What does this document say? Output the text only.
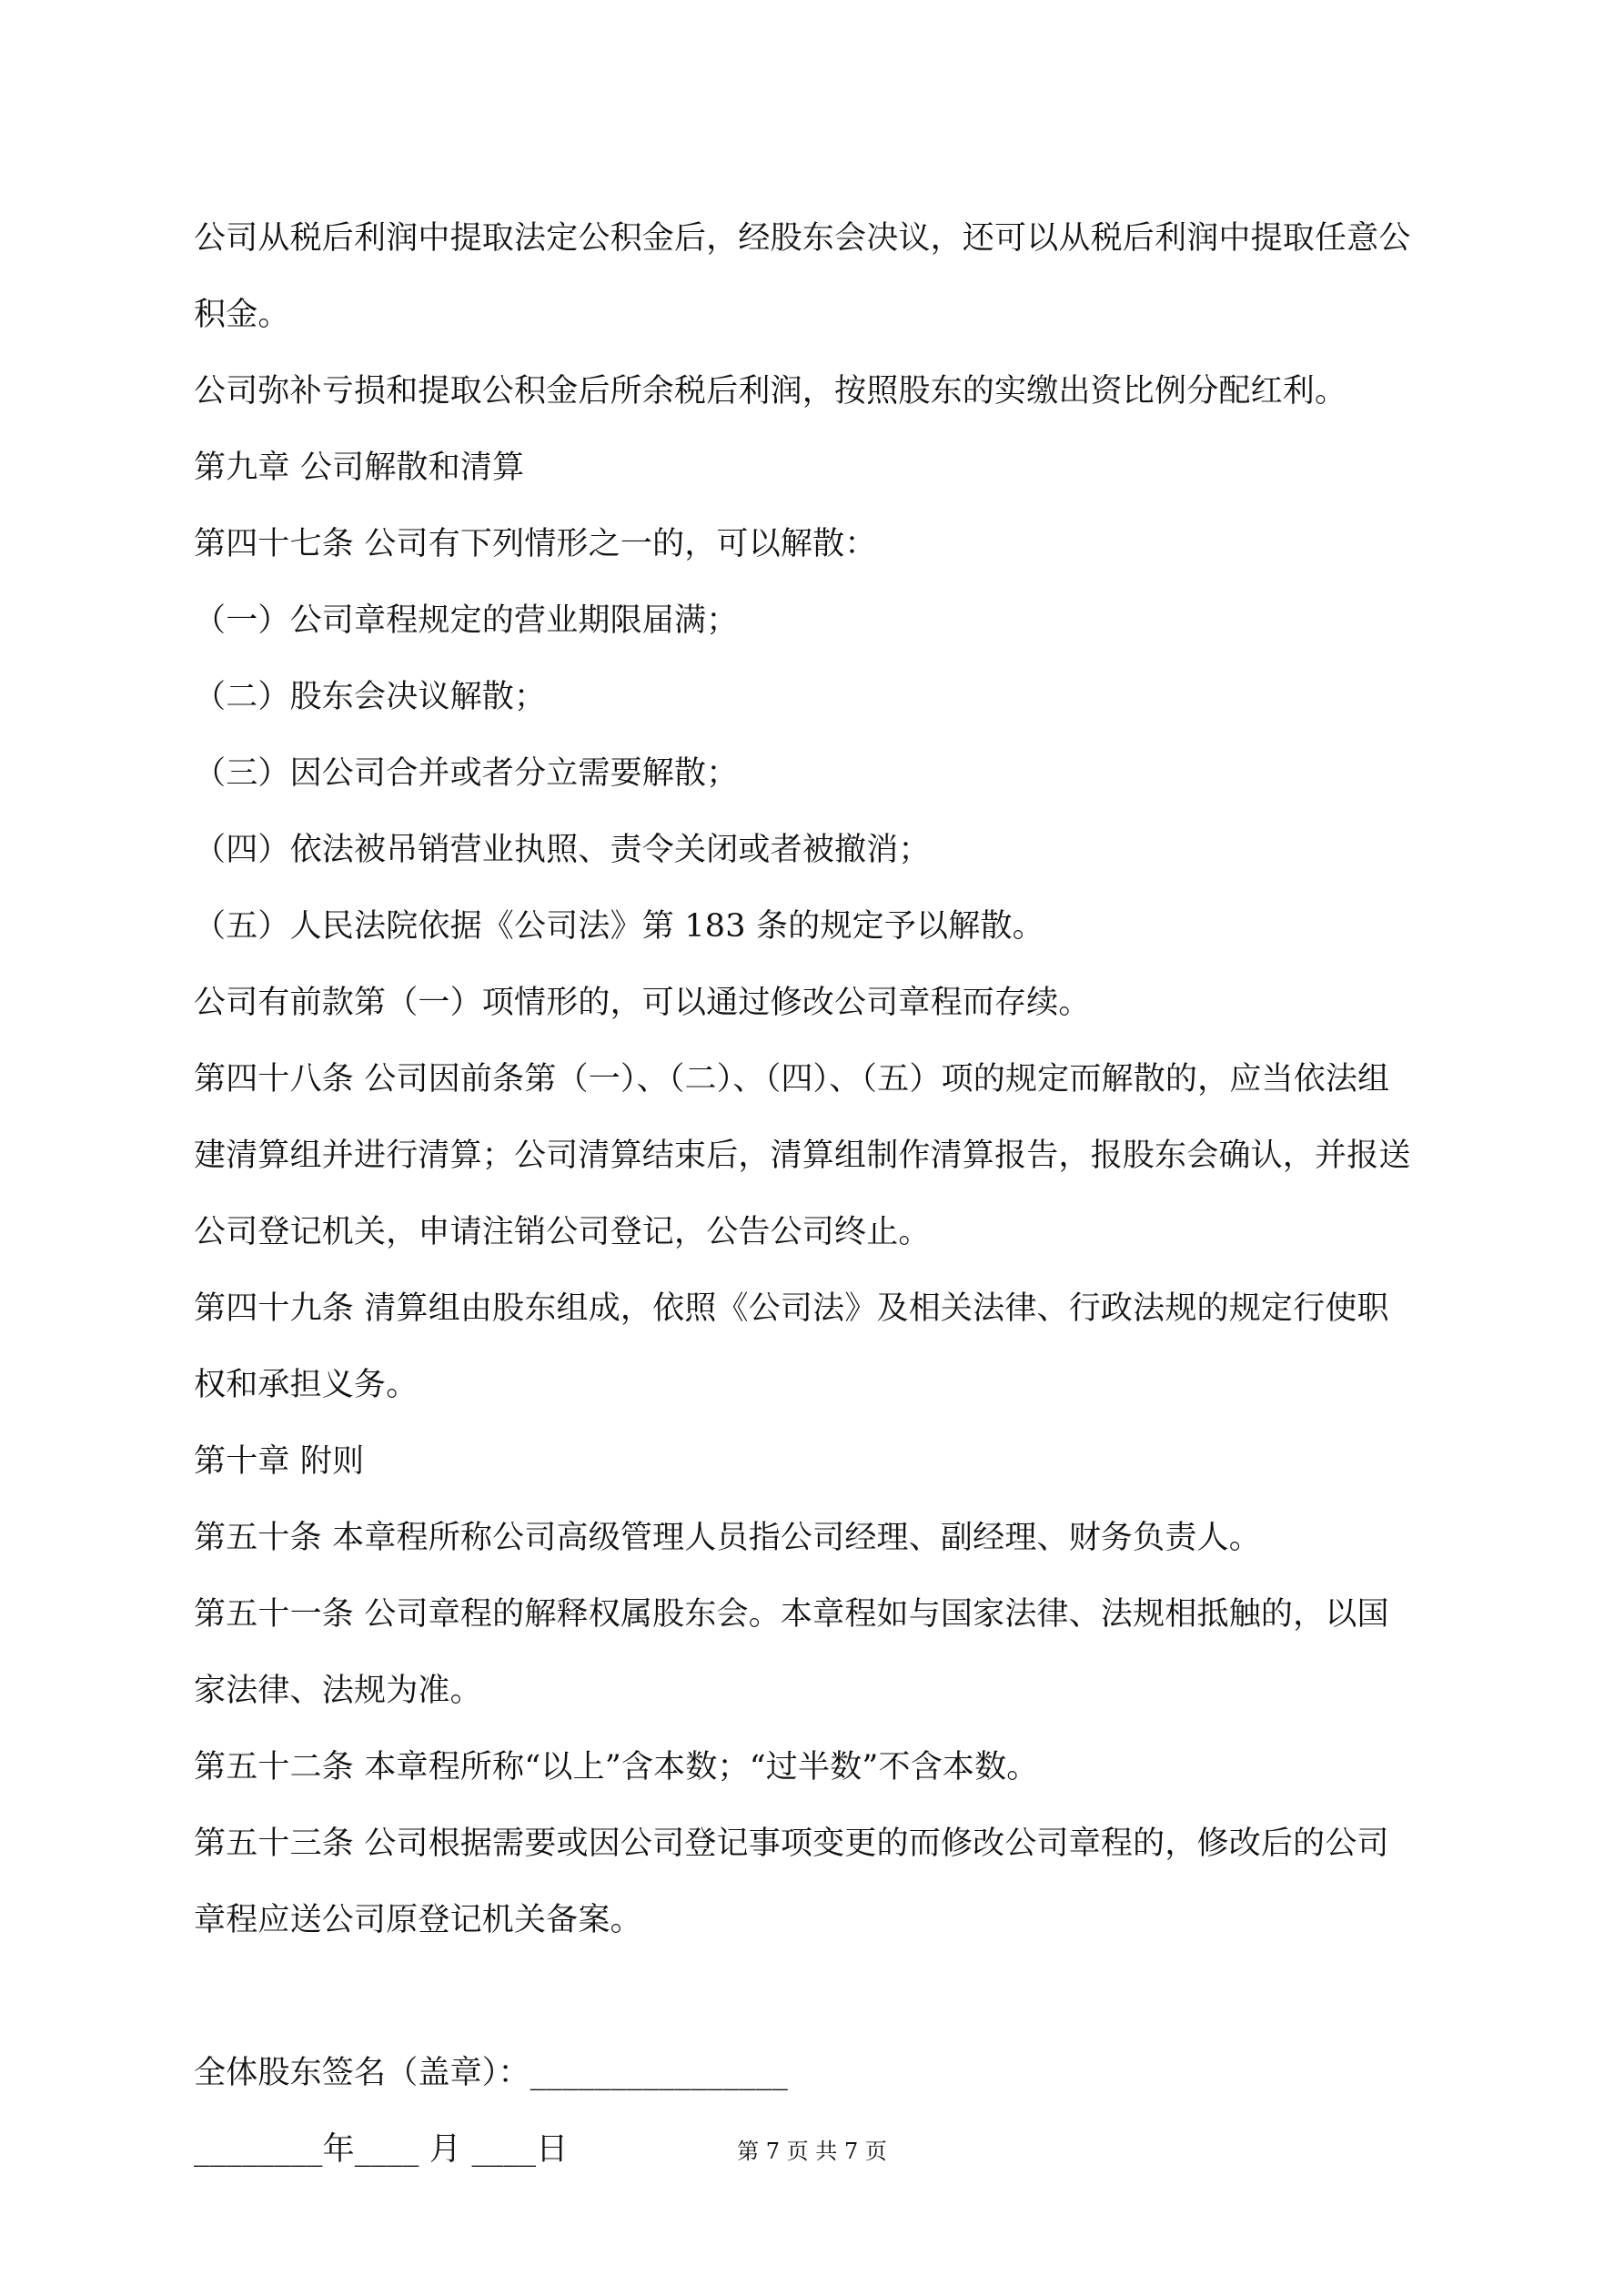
公司从税后利润中提取法定公积金后，经股东会决议，还可以从税后利润中提取任意公
积金。
公司弥补亏损和提取公积金后所余税后利润，按照股东的实缴出资比例分配红利。
第九章 公司解散和清算
第四十七条 公司有下列情形之一的，可以解散：
（一）公司章程规定的营业期限届满；
（二）股东会决议解散；
（三）因公司合并或者分立需要解散；
（四）依法被吊销营业执照、责令关闭或者被撤消；
（五）人民法院依据《公司法》第 183 条的规定予以解散。
公司有前款第（一）项情形的，可以通过修改公司章程而存续。
第四十八条 公司因前条第（一）、（二）、（四）、（五）项的规定而解散的，应当依法组
建清算组并进行清算；公司清算结束后，清算组制作清算报告，报股东会确认，并报送
公司登记机关，申请注销公司登记，公告公司终止。
第四十九条 清算组由股东组成，依照《公司法》及相关法律、行政法规的规定行使职
权和承担义务。
第十章 附则
第五十条 本章程所称公司高级管理人员指公司经理、副经理、财务负责人。
第五十一条 公司章程的解释权属股东会。本章程如与国家法律、法规相抵触的，以国
家法律、法规为准。
第五十二条 本章程所称“以上”含本数；“过半数”不含本数。
第五十三条 公司根据需要或因公司登记事项变更的而修改公司章程的，修改后的公司
章程应送公司原登记机关备案。
全体股东签名（盖章）：________________
________年____ 月 ____日	第 7 页 共 7 页
